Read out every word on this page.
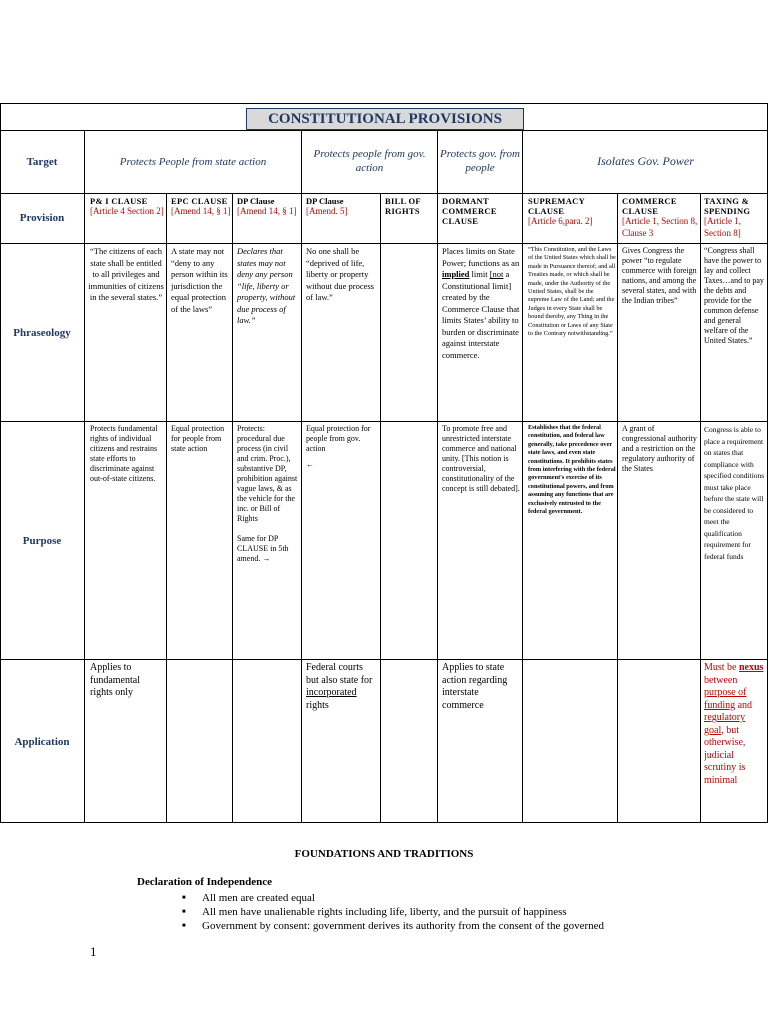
CONSTITUTIONAL PROVISIONS
Target
Provision
Phraseology
Purpose
Application
Protects People from state action
Protects people from gov. action
Protects gov. from people	Isolates Gov. Power
P& I CLAUSE
[Article 4 Section 2]
EPC CLAUSE
[Amend 14, § 1]
DP Clause
[Amend 14, § 1]
DP Clause
[Amend. 5]
BILL OF RIGHTS
DORMANT COMMERCE CLAUSE
SUPREMACY CLAUSE
[Article 6,para. 2]
COMMERCE CLAUSE
[Article 1, Section 8, Clause 3
TAXING & SPENDING
[Article 1, Section 8]
“The citizens of each state shall be entitled to all privileges and immunities of citizens in the several states.”
A state may not “deny to any person within its jurisdiction the equal protection of the laws”
Declares that states may not deny any person “life, liberty or property, without due process of law.”
No one shall be “deprived of life, liberty or property without due process of law.”
Places limits on State Power; functions as an implied limit [not a Constitutional limit] created by the Commerce Clause that limits States’ ability to burden or discriminate against interstate commerce.
“This Constitution, and the Laws of the United States which shall be made in Pursuance thereof; and all Treaties made, or which shall be made, under the Authority of the United States, shall be the supreme Law of the Land; and the Judges in every State shall be bound thereby, any Thing in the Constitution or Laws of any State to the Contrary notwithstanding.”
Gives Congress the power “to regulate commerce with foreign nations, and among the several states, and with the Indian tribes”
“Congress shall have the power to lay and collect Taxes…and to pay the debts and provide for the common defense and general welfare of the United States.”
Protects fundamental rights of individual citizens and restrains state efforts to discriminate against out-of-state citizens.
Equal protection for people from state action
Protects: procedural due process (in civil and crim. Proc.), substantive DP, prohibition against vague laws, & as the vehicle for the inc. or Bill of Rights
Same for DP CLAUSE in 5th amend. →
Equal protection for people from gov. action
←
To promote free and unrestricted interstate commerce and national unity. [This notion is controversial, constitutionality of the concept is still debated].
Establishes that the federal constitution, and federal law generally, take precedence over state laws, and even state constitutions. It prohibits states from interfering with the federal government's exercise of its constitutional powers, and from assuming any functions that are exclusively entrusted to the federal government.
A grant of congressional authority and a restriction on the regulatory authority of the States
Congress is able to place a requirement on states that compliance with specified conditions must take place before the state will be considered to meet the qualification requirement for federal funds
Applies to fundamental rights only
Federal courts but also state for incorporated rights
Applies to state action regarding interstate commerce
Must be nexus between purpose of funding and regulatory goal, but otherwise, judicial scrutiny is minimal
FOUNDATIONS AND TRADITIONS
Declaration of Independence
■ All men are created equal
■ All men have unalienable rights including life, liberty, and the pursuit of happiness
■ Government by consent: government derives its authority from the consent of the governed
1
